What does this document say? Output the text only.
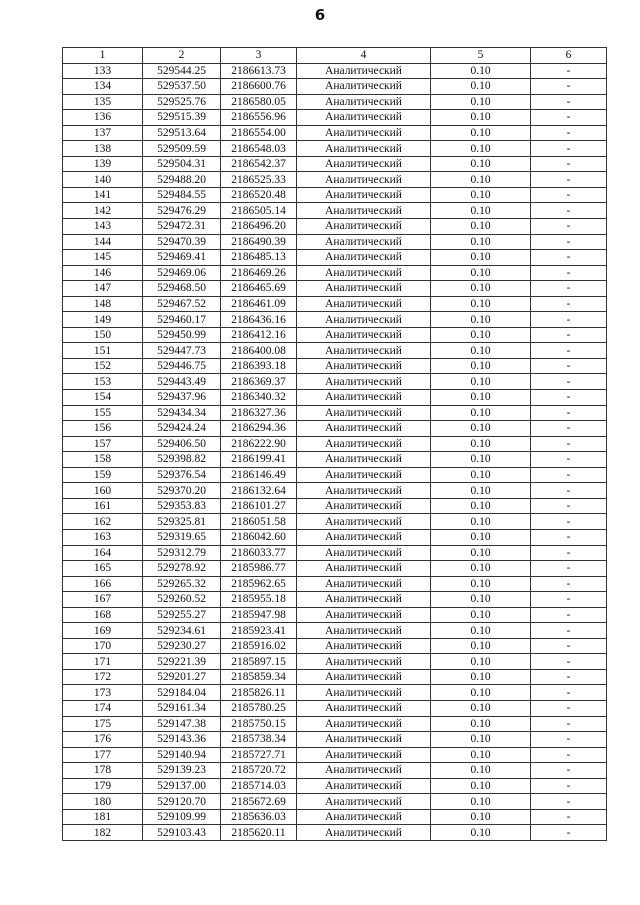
6
1	2	3	4	5	6
133	529544.25	2186613.73	Аналитический	0.10	-
134	529537.50	2186600.76	Аналитический	0.10	-
135	529525.76	2186580.05	Аналитический	0.10	-
136	529515.39	2186556.96	Аналитический	0.10	-
137	529513.64	2186554.00	Аналитический	0.10	-
138	529509.59	2186548.03	Аналитический	0.10	-
139	529504.31	2186542.37	Аналитический	0.10	-
140	529488.20	2186525.33	Аналитический	0.10	-
141	529484.55	2186520.48	Аналитический	0.10	-
142	529476.29	2186505.14	Аналитический	0.10	-
143	529472.31	2186496.20	Аналитический	0.10	-
144	529470.39	2186490.39	Аналитический	0.10	-
145	529469.41	2186485.13	Аналитический	0.10	-
146	529469.06	2186469.26	Аналитический	0.10	-
147	529468.50	2186465.69	Аналитический	0.10	-
148	529467.52	2186461.09	Аналитический	0.10	-
149	529460.17	2186436.16	Аналитический	0.10	-
150	529450.99	2186412.16	Аналитический	0.10	-
151	529447.73	2186400.08	Аналитический	0.10	-
152	529446.75	2186393.18	Аналитический	0.10	-
153	529443.49	2186369.37	Аналитический	0.10	-
154	529437.96	2186340.32	Аналитический	0.10	-
155	529434.34	2186327.36	Аналитический	0.10	-
156	529424.24	2186294.36	Аналитический	0.10	-
157	529406.50	2186222.90	Аналитический	0.10	-
158	529398.82	2186199.41	Аналитический	0.10	-
159	529376.54	2186146.49	Аналитический	0.10	-
160	529370.20	2186132.64	Аналитический	0.10	-
161	529353.83	2186101.27	Аналитический	0.10	-
162	529325.81	2186051.58	Аналитический	0.10	-
163	529319.65	2186042.60	Аналитический	0.10	-
164	529312.79	2186033.77	Аналитический	0.10	-
165	529278.92	2185986.77	Аналитический	0.10	-
166	529265.32	2185962.65	Аналитический	0.10	-
167	529260.52	2185955.18	Аналитический	0.10	-
168	529255.27	2185947.98	Аналитический	0.10	-
169	529234.61	2185923.41	Аналитический	0.10	-
170	529230.27	2185916.02	Аналитический	0.10	-
171	529221.39	2185897.15	Аналитический	0.10	-
172	529201.27	2185859.34	Аналитический	0.10	-
173	529184.04	2185826.11	Аналитический	0.10	-
174	529161.34	2185780.25	Аналитический	0.10	-
175	529147.38	2185750.15	Аналитический	0.10	-
176	529143.36	2185738.34	Аналитический	0.10	-
177	529140.94	2185727.71	Аналитический	0.10	-
178	529139.23	2185720.72	Аналитический	0.10	-
179	529137.00	2185714.03	Аналитический	0.10	-
180	529120.70	2185672.69	Аналитический	0.10	-
181	529109.99	2185636.03	Аналитический	0.10	-
182	529103.43	2185620.11	Аналитический	0.10	-
